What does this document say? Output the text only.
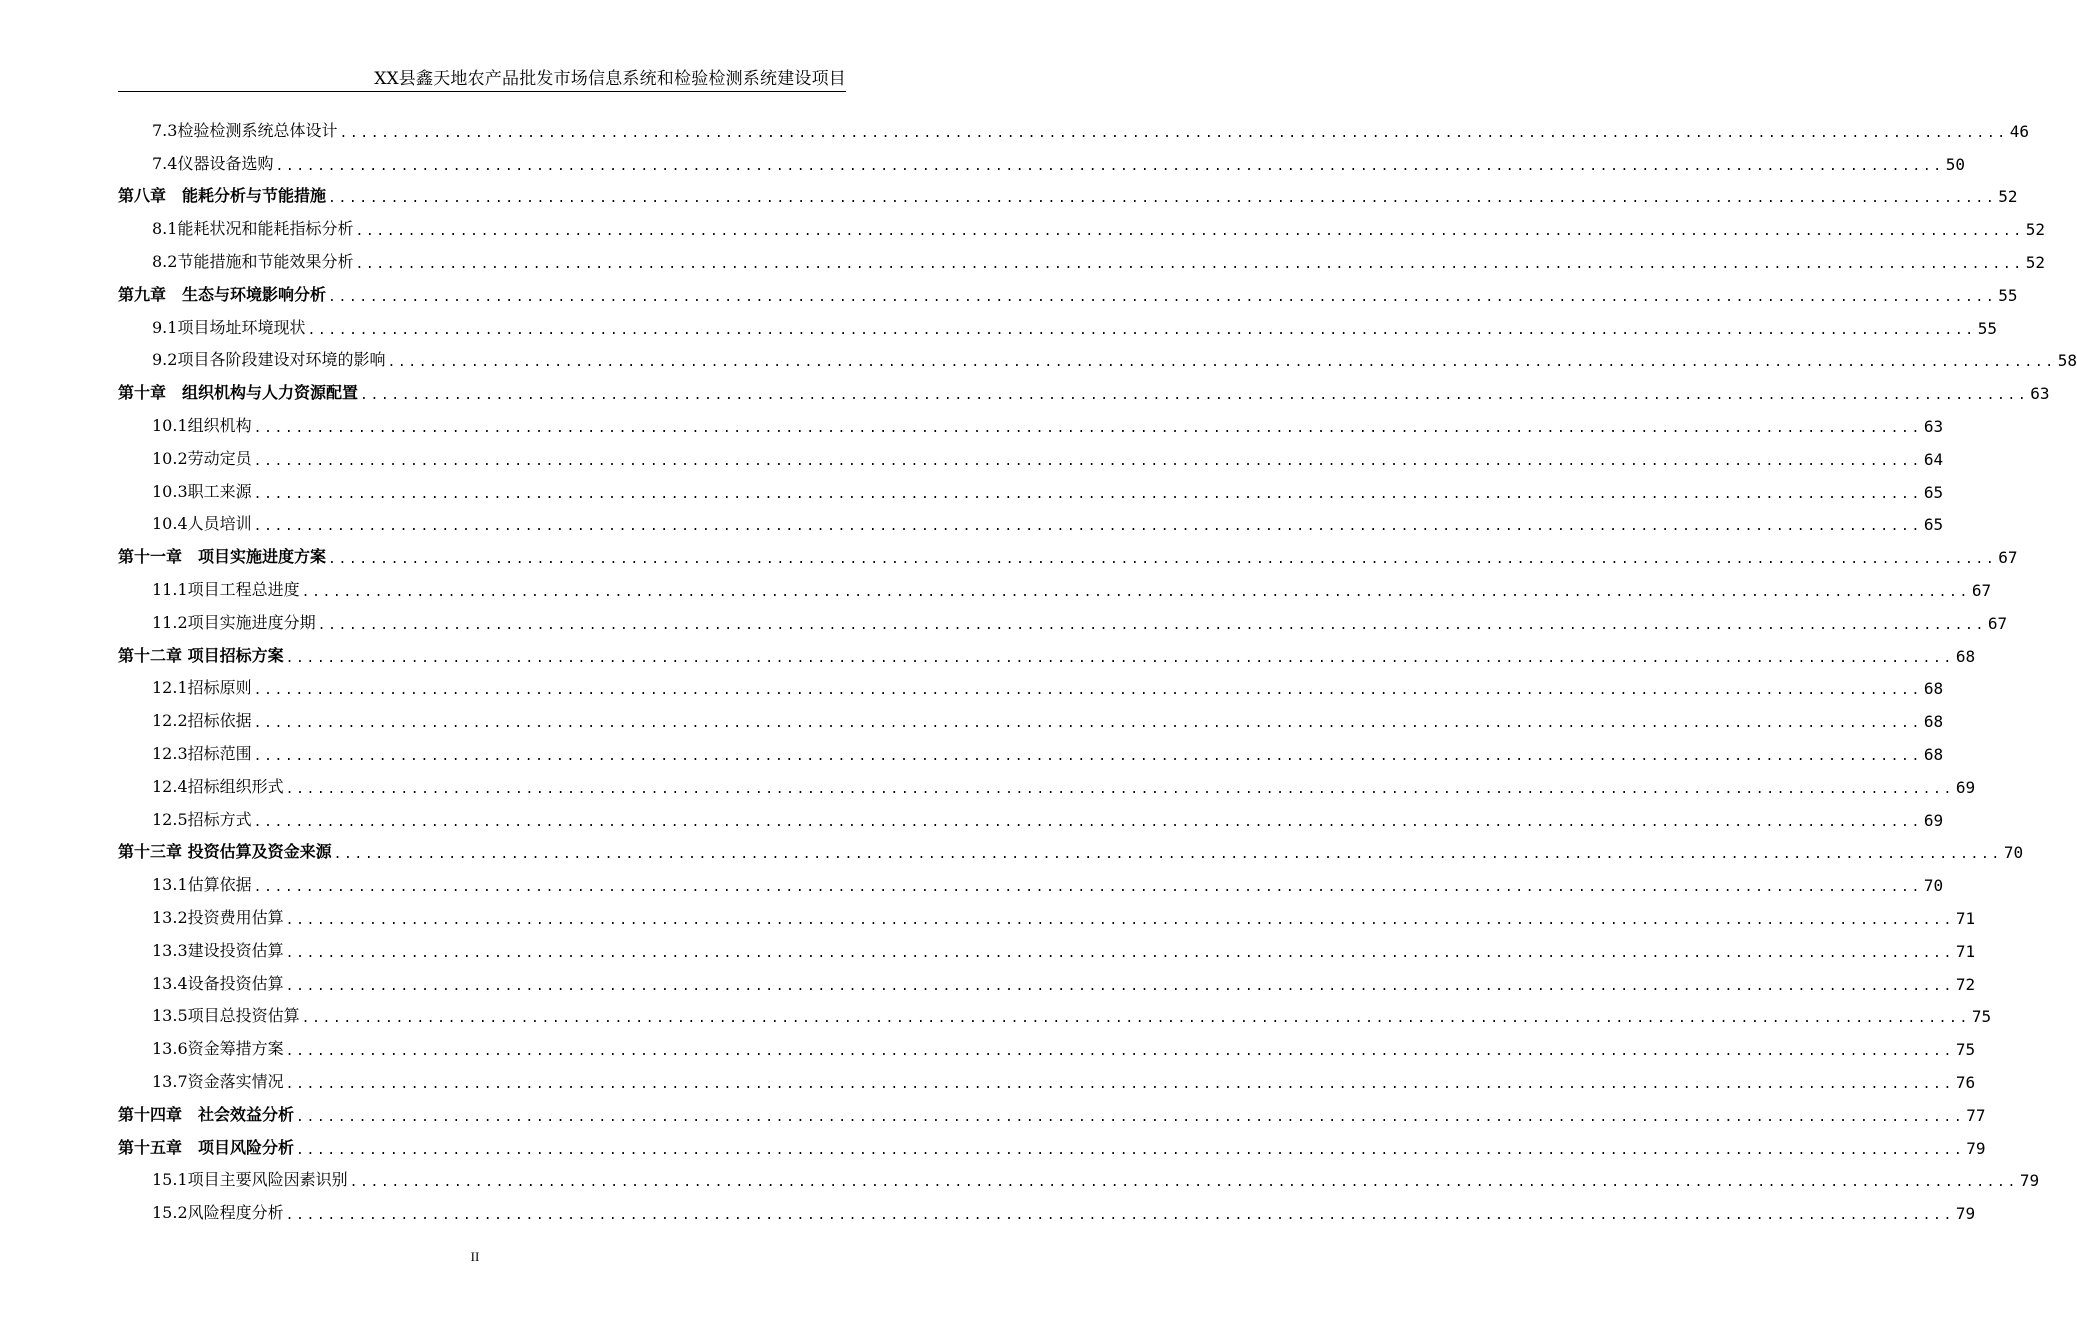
XX县鑫天地农产品批发市场信息系统和检验检测系统建设项目
7.3检验检测系统总体设计 ................................................................................................................................................................ 46
7.4仪器设备选购 ................................................................................................................................................................ 50
第八章　能耗分析与节能措施 ................................................................................................................................................................ 52
8.1能耗状况和能耗指标分析 ................................................................................................................................................................ 52
8.2节能措施和节能效果分析 ................................................................................................................................................................ 52
第九章　生态与环境影响分析 ................................................................................................................................................................ 55
9.1项目场址环境现状 ................................................................................................................................................................ 55
9.2项目各阶段建设对环境的影响 ................................................................................................................................................................ 58
第十章　组织机构与人力资源配置 ................................................................................................................................................................ 63
10.1组织机构 ................................................................................................................................................................ 63
10.2劳动定员 ................................................................................................................................................................ 64
10.3职工来源 ................................................................................................................................................................ 65
10.4人员培训 ................................................................................................................................................................ 65
第十一章　项目实施进度方案 ................................................................................................................................................................ 67
11.1项目工程总进度 ................................................................................................................................................................ 67
11.2项目实施进度分期 ................................................................................................................................................................ 67
第十二章 项目招标方案 ................................................................................................................................................................ 68
12.1招标原则 ................................................................................................................................................................ 68
12.2招标依据 ................................................................................................................................................................ 68
12.3招标范围 ................................................................................................................................................................ 68
12.4招标组织形式 ................................................................................................................................................................ 69
12.5招标方式 ................................................................................................................................................................ 69
第十三章 投资估算及资金来源 ................................................................................................................................................................ 70
13.1估算依据 ................................................................................................................................................................ 70
13.2投资费用估算 ................................................................................................................................................................ 71
13.3建设投资估算 ................................................................................................................................................................ 71
13.4设备投资估算 ................................................................................................................................................................ 72
13.5项目总投资估算 ................................................................................................................................................................ 75
13.6资金筹措方案 ................................................................................................................................................................ 75
13.7资金落实情况 ................................................................................................................................................................ 76
第十四章　社会效益分析 ................................................................................................................................................................ 77
第十五章　项目风险分析 ................................................................................................................................................................ 79
15.1项目主要风险因素识别 ................................................................................................................................................................ 79
15.2风险程度分析 ................................................................................................................................................................ 79
II
